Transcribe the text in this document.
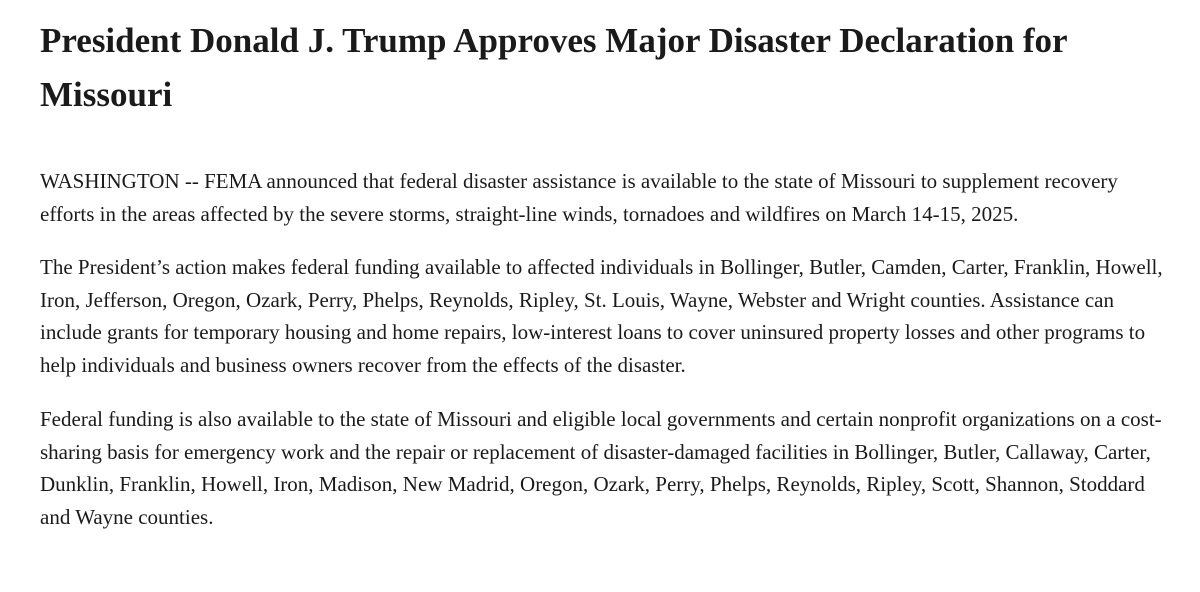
President Donald J. Trump Approves Major Disaster Declaration for Missouri

WASHINGTON -- FEMA announced that federal disaster assistance is available to the state of Missouri to supplement recovery efforts in the areas affected by the severe storms, straight-line winds, tornadoes and wildfires on March 14-15, 2025.

The President’s action makes federal funding available to affected individuals in Bollinger, Butler, Camden, Carter, Franklin, Howell, Iron, Jefferson, Oregon, Ozark, Perry, Phelps, Reynolds, Ripley, St. Louis, Wayne, Webster and Wright counties. Assistance can include grants for temporary housing and home repairs, low-interest loans to cover uninsured property losses and other programs to help individuals and business owners recover from the effects of the disaster.

Federal funding is also available to the state of Missouri and eligible local governments and certain nonprofit organizations on a cost-sharing basis for emergency work and the repair or replacement of disaster-damaged facilities in Bollinger, Butler, Callaway, Carter, Dunklin, Franklin, Howell, Iron, Madison, New Madrid, Oregon, Ozark, Perry, Phelps, Reynolds, Ripley, Scott, Shannon, Stoddard and Wayne counties.
